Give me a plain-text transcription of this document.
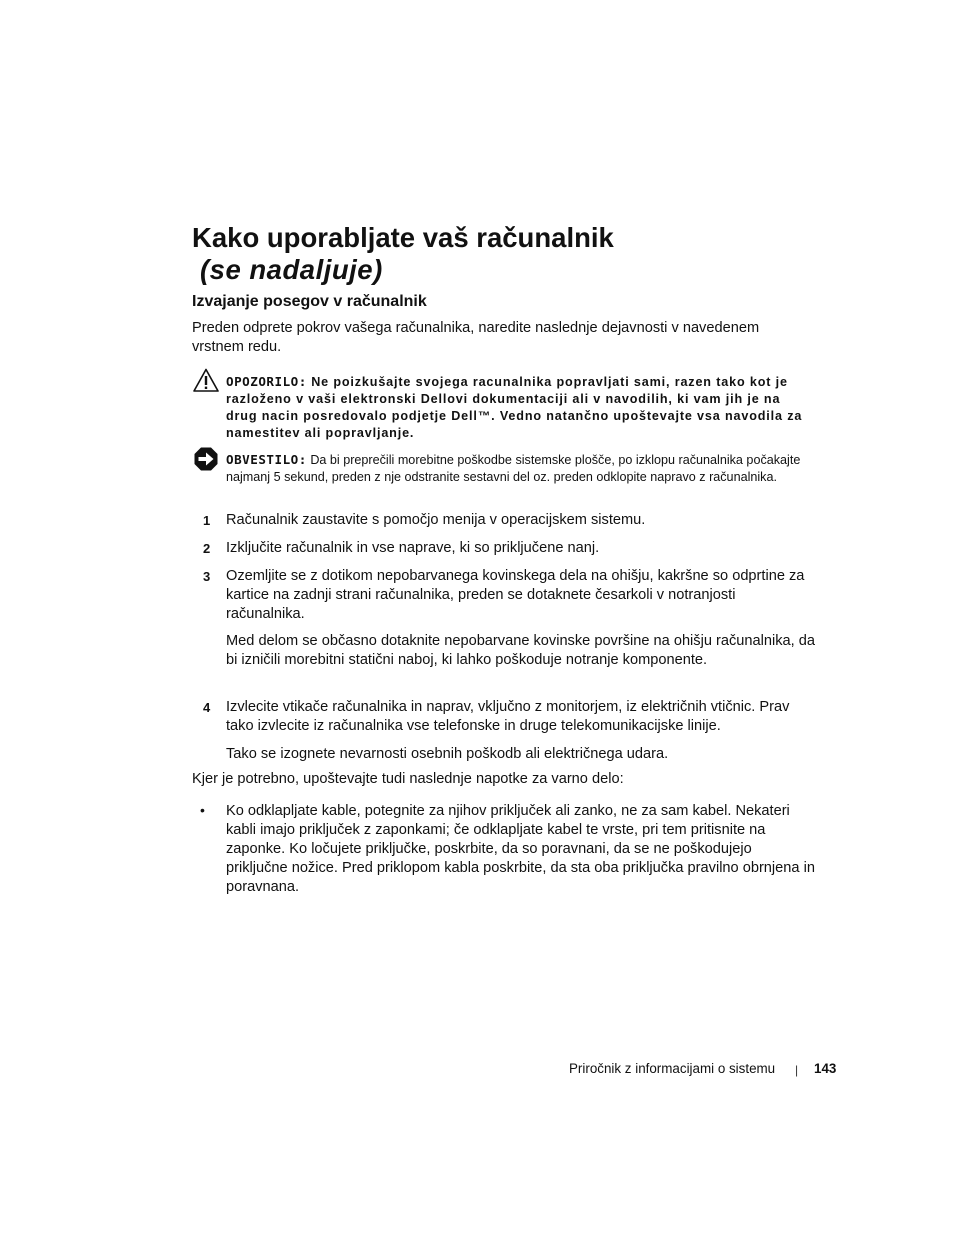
Kako uporabljate vaš računalnik
(se nadaljuje)
Izvajanje posegov v računalnik
Preden odprete pokrov vašega računalnika, naredite naslednje dejavnosti v navedenem vrstnem redu.
OPOZORILO: Ne poizkušajte svojega racunalnika popravljati sami, razen tako kot je razloženo v vaši elektronski Dellovi dokumentaciji ali v navodilih, ki vam jih je na drug nacin posredovalo podjetje Dell™. Vedno natančno upoštevajte vsa navodila za namestitev ali popravljanje.
OBVESTILO: Da bi preprečili morebitne poškodbe sistemske plošče, po izklopu računalnika počakajte najmanj 5 sekund, preden z nje odstranite sestavni del oz. preden odklopite napravo z računalnika.
1 Računalnik zaustavite s pomočjo menija v operacijskem sistemu.
2 Izključite računalnik in vse naprave, ki so priključene nanj.
3 Ozemljite se z dotikom nepobarvanega kovinskega dela na ohišju, kakršne so odprtine za kartice na zadnji strani računalnika, preden se dotaknete česarkoli v notranjosti računalnika.
Med delom se občasno dotaknite nepobarvane kovinske površine na ohišju računalnika, da bi izničili morebitni statični naboj, ki lahko poškoduje notranje komponente.
4 Izvlecite vtikače računalnika in naprav, vključno z monitorjem, iz električnih vtičnic. Prav tako izvlecite iz računalnika vse telefonske in druge telekomunikacijske linije.
Tako se izognete nevarnosti osebnih poškodb ali električnega udara.
Kjer je potrebno, upoštevajte tudi naslednje napotke za varno delo:
• Ko odklapljate kable, potegnite za njihov priključek ali zanko, ne za sam kabel. Nekateri kabli imajo priključek z zaponkami; če odklapljate kabel te vrste, pri tem pritisnite na zaponke. Ko ločujete priključke, poskrbite, da so poravnani, da se ne poškodujejo priključne nožice. Pred priklopom kabla poskrbite, da sta oba priključka pravilno obrnjena in poravnana.
Priročnik z informacijami o sistemu | 143
